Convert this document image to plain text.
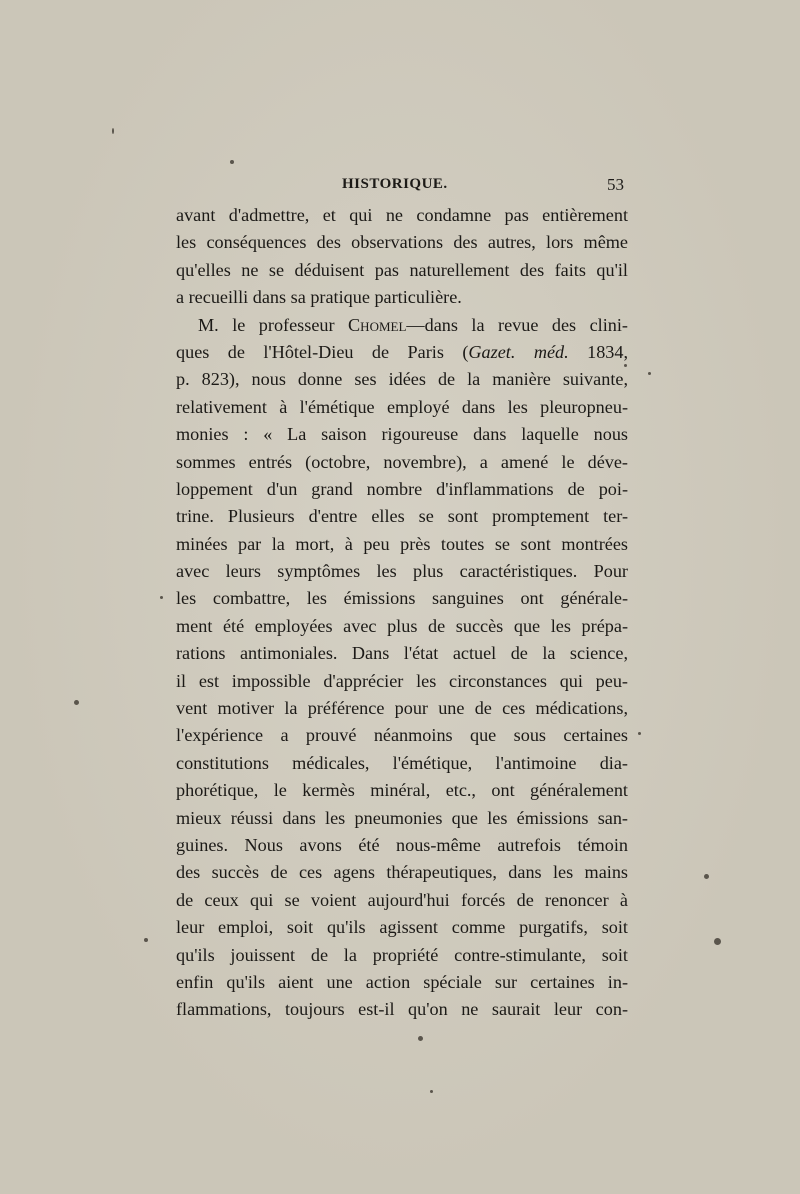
HISTORIQUE.	53
avant d'admettre, et qui ne condamne pas entièrement
les conséquences des observations des autres, lors même
qu'elles ne se déduisent pas naturellement des faits qu'il
a recueilli dans sa pratique particulière.
M. le professeur Chomel—dans la revue des clini-
ques de l'Hôtel-Dieu de Paris (Gazet. méd. 1834,
p. 823), nous donne ses idées de la manière suivante,
relativement à l'émétique employé dans les pleuropneu-
monies : « La saison rigoureuse dans laquelle nous
sommes entrés (octobre, novembre), a amené le déve-
loppement d'un grand nombre d'inflammations de poi-
trine. Plusieurs d'entre elles se sont promptement ter-
minées par la mort, à peu près toutes se sont montrées
avec leurs symptômes les plus caractéristiques. Pour
les combattre, les émissions sanguines ont générale-
ment été employées avec plus de succès que les prépa-
rations antimoniales. Dans l'état actuel de la science,
il est impossible d'apprécier les circonstances qui peu-
vent motiver la préférence pour une de ces médications,
l'expérience a prouvé néanmoins que sous certaines
constitutions médicales, l'émétique, l'antimoine dia-
phorétique, le kermès minéral, etc., ont généralement
mieux réussi dans les pneumonies que les émissions san-
guines. Nous avons été nous-même autrefois témoin
des succès de ces agens thérapeutiques, dans les mains
de ceux qui se voient aujourd'hui forcés de renoncer à
leur emploi, soit qu'ils agissent comme purgatifs, soit
qu'ils jouissent de la propriété contre-stimulante, soit
enfin qu'ils aient une action spéciale sur certaines in-
flammations, toujours est-il qu'on ne saurait leur con-
